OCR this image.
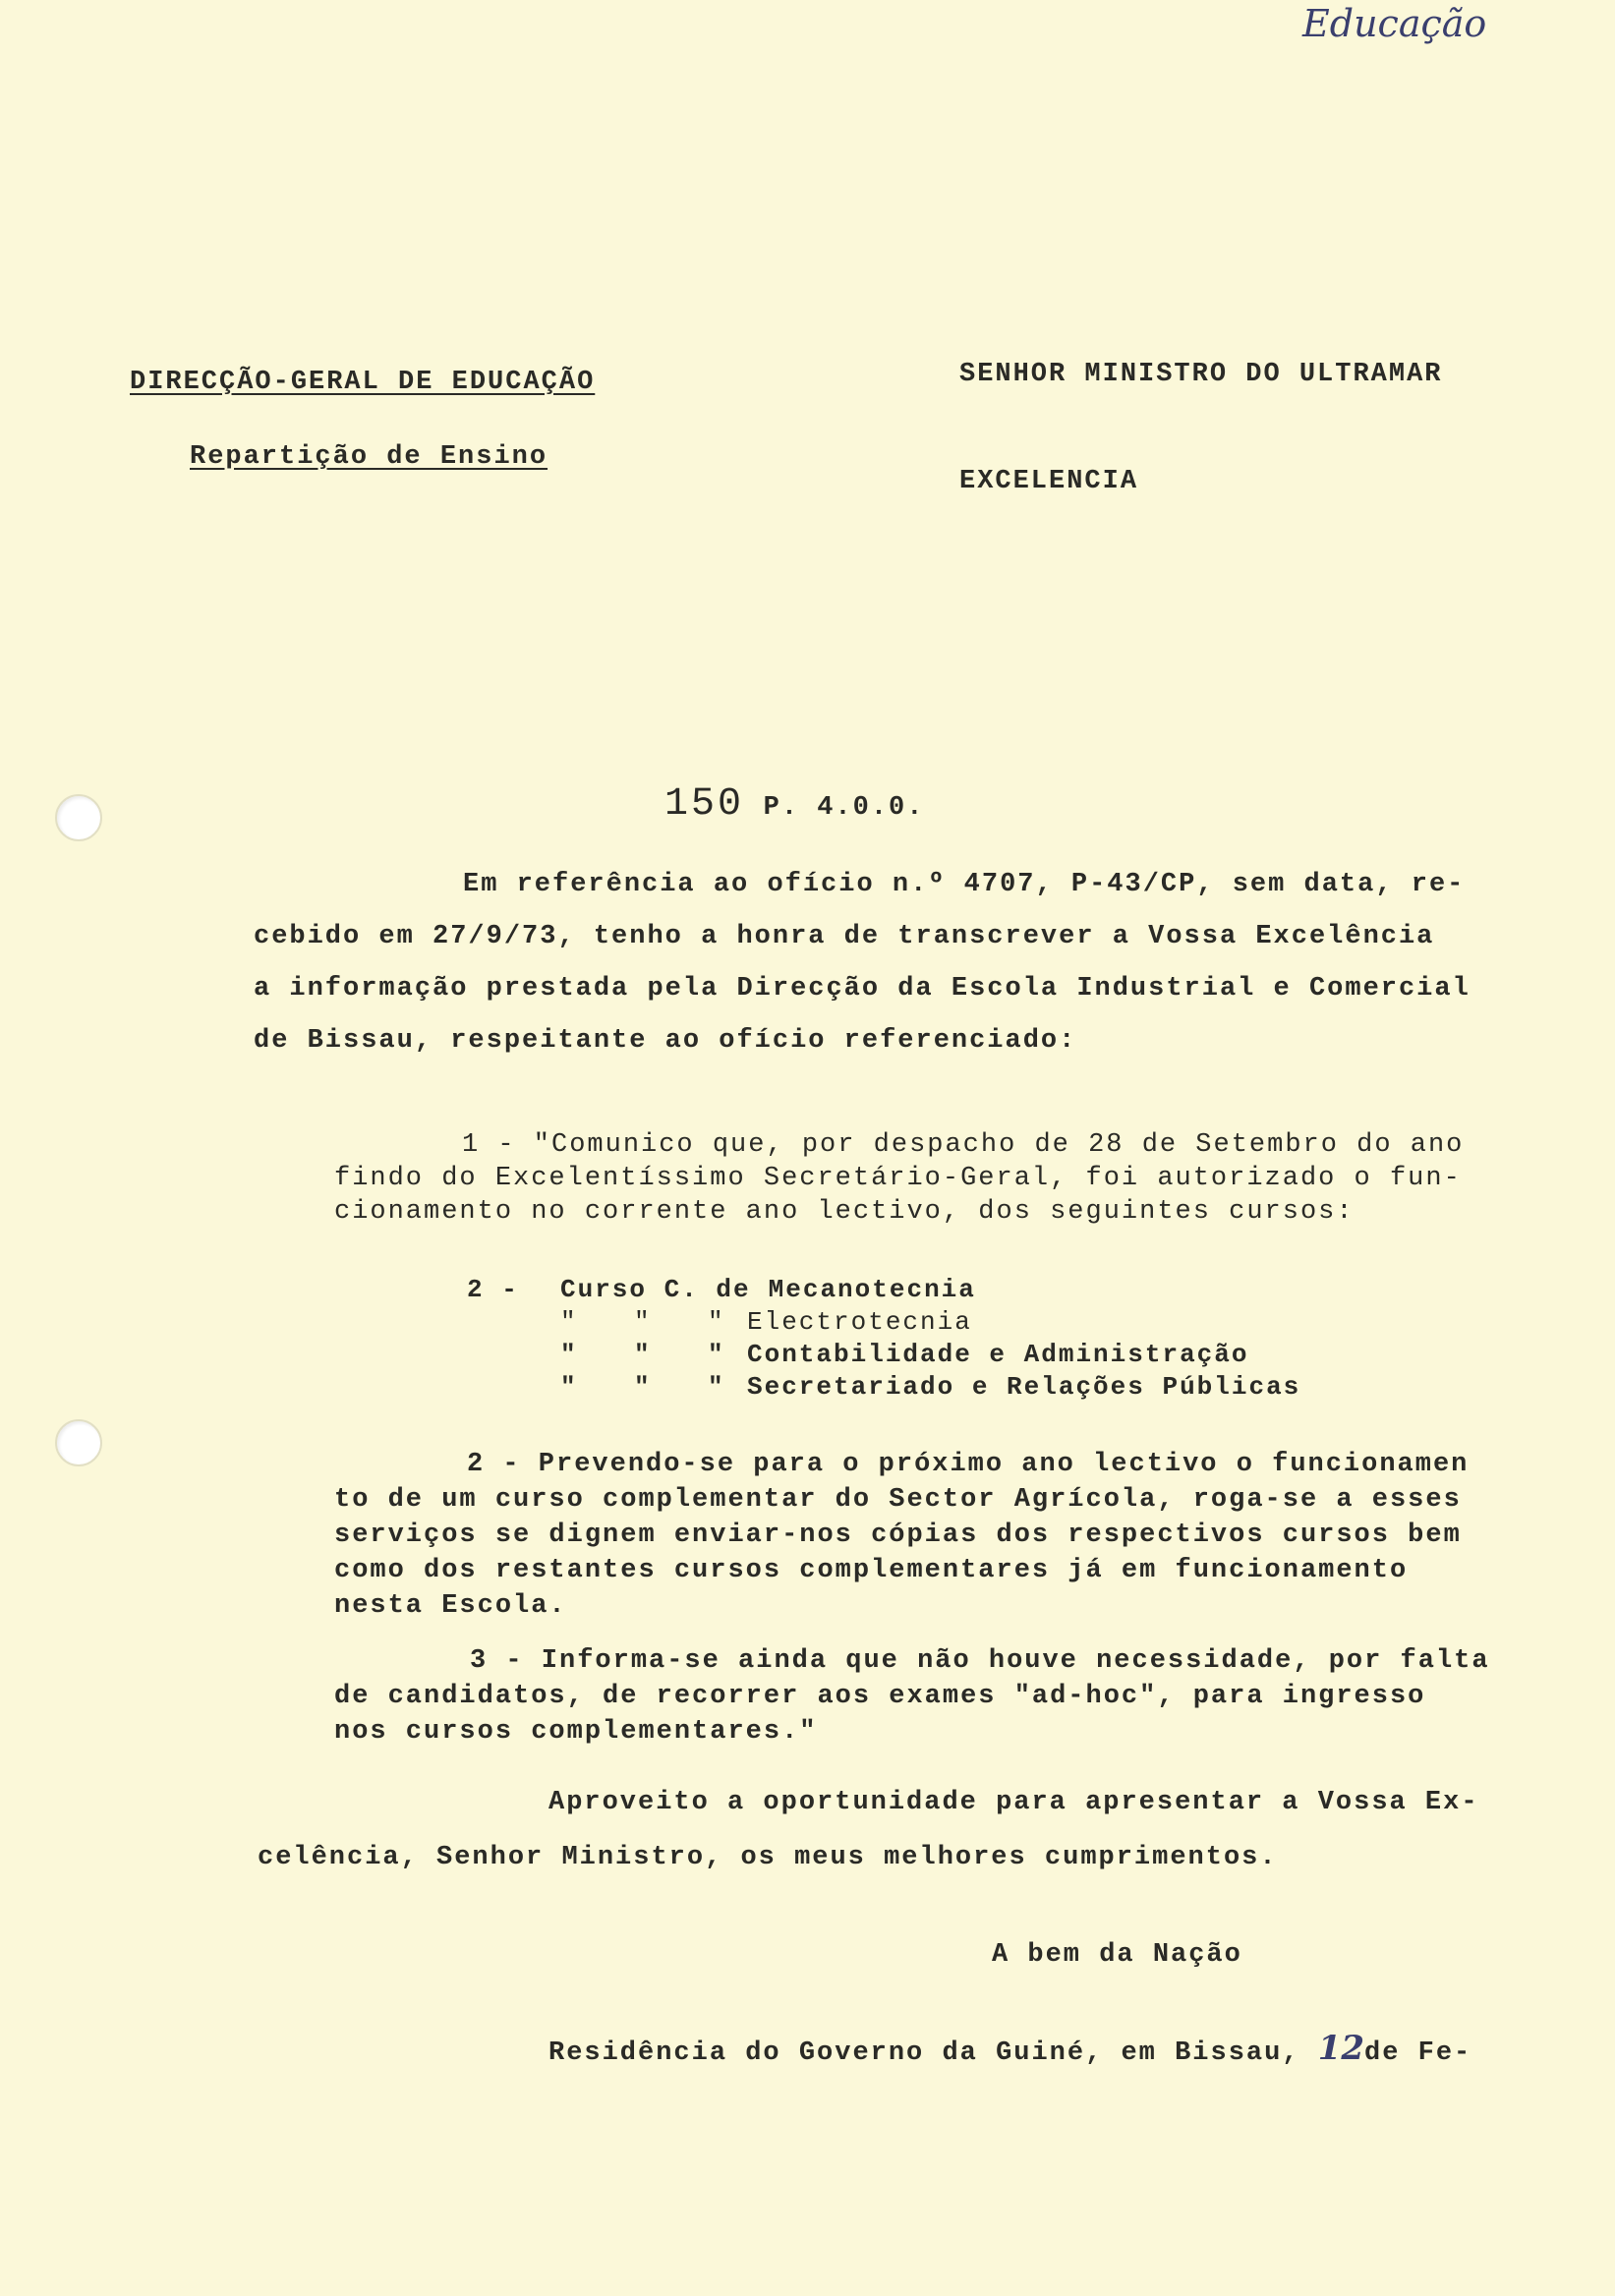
Educação
DIRECÇÃO-GERAL DE EDUCAÇÃO
Repartição de Ensino
SENHOR MINISTRO DO ULTRAMAR
EXCELENCIA
150 P. 4.0.0.
Em referência ao ofício n.º 4707, P-43/CP, sem data, re-
cebido em 27/9/73, tenho a honra de transcrever a Vossa Excelência
a informação prestada pela Direcção da Escola Industrial e Comercial
de Bissau, respeitante ao ofício referenciado:
1 - "Comunico que, por despacho de 28 de Setembro do ano
findo do Excelentíssimo Secretário-Geral, foi autorizado o fun-
cionamento no corrente ano lectivo, dos seguintes cursos:
2 - Curso C. de Mecanotecnia
" " " Electrotecnia
" " " Contabilidade e Administração
" " " Secretariado e Relações Públicas
2 - Prevendo-se para o próximo ano lectivo o funcionamen
to de um curso complementar do Sector Agrícola, roga-se a esses
serviços se dignem enviar-nos cópias dos respectivos cursos bem
como dos restantes cursos complementares já em funcionamento
nesta Escola.
3 - Informa-se ainda que não houve necessidade, por falta
de candidatos, de recorrer aos exames "ad-hoc", para ingresso
nos cursos complementares."
Aproveito a oportunidade para apresentar a Vossa Ex-
celência, Senhor Ministro, os meus melhores cumprimentos.
A bem da Nação
Residência do Governo da Guiné, em Bissau, 12de Fe-
